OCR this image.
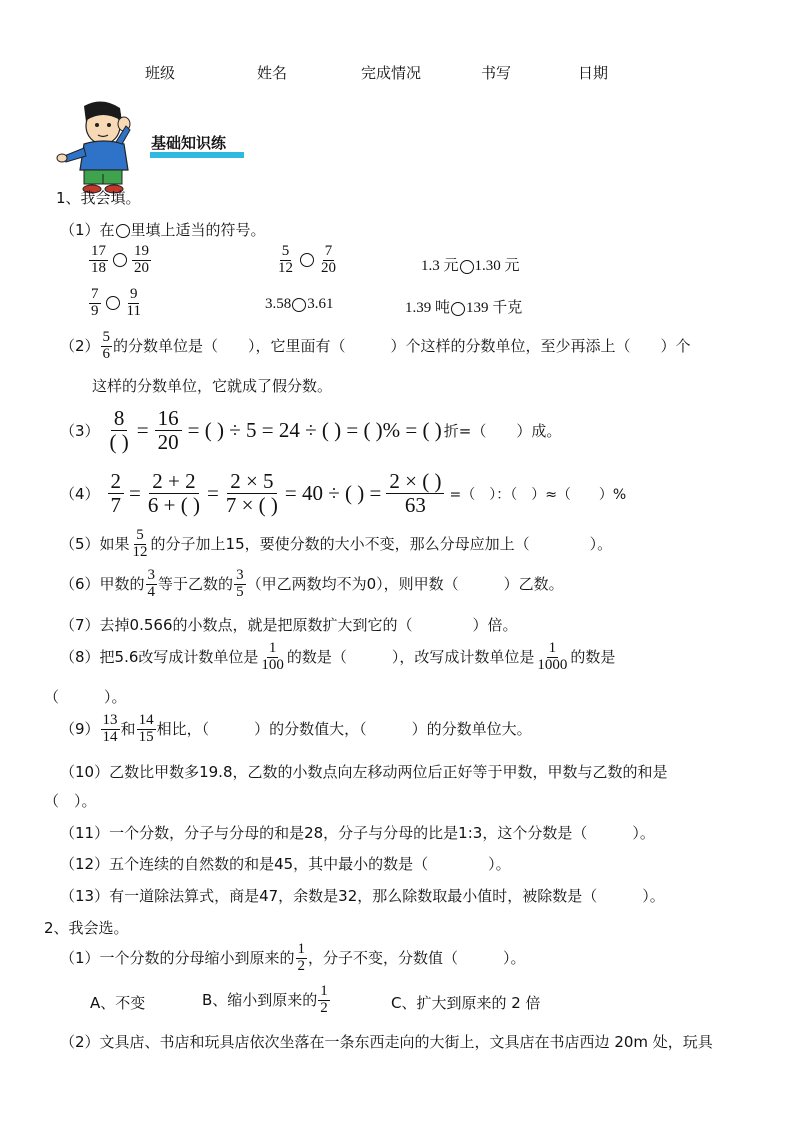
班级	姓名	完成情况	书写	日期
基础知识练
1、我会填。
（1）在 里填上适当的符号。
$\frac{17}{18} \frac{19}{20}$	$\frac{5}{12} \frac{7}{20}$	1.3 元 1.30 元
$\frac{7}{9} \frac{9}{11}$	3.58 3.61	1.39 吨 139 千克
$(2) \frac{5}{6}$ 的分数单位是（　　），它里面有（　　　）个这样的分数单位，至少再添上（　　）个
这样的分数单位，它就成了假分数。
$(3) \frac{8}{( )} = \frac{16}{20}$ = ( ) ÷ 5 = 24 ÷ ( ) = ( )% = ( ) 折=（　　）成。
$(4) \frac{2}{7} = \frac{2 + 2}{6 + ( )} = \frac{2 \times 5}{7 \times ( )} = 40$ ÷ ( ) = $\frac{2 \times ( )}{63}$ =（　）：（　）≈（　　）%
（5）如果 $\frac{5}{12}$ 的分子加上15，要使分数的大小不变，那么分母应加上（　　　　）。
（6）甲数的 $\frac{3}{4}$ 等于乙数的 $\frac{3}{5}$ （甲乙两数均不为0），则甲数（　　　）乙数。
（7）去掉0.566的小数点，就是把原数扩大到它的（　　　　）倍。
（8）把5.6改写成计数单位是 $\frac{1}{100}$ 的数是（　　　），改写成计数单位是 $\frac{1}{1000}$ 的数是
（　　　）。
$(9) \frac{13}{14}$ 和 $\frac{14}{15}$ 相比，（　　　）的分数值大，（　　　）的分数单位大。
（10）乙数比甲数多19.8，乙数的小数点向左移动两位后正好等于甲数，甲数与乙数的和是
（　）。
（11）一个分数，分子与分母的和是28，分子与分母的比是1:3，这个分数是（　　　）。
（12）五个连续的自然数的和是45，其中最小的数是（　　　　）。
（13）有一道除法算式，商是47，余数是32，那么除数取最小值时，被除数是（　　　）。
2、我会选。
（1）一个分数的分母缩小到原来的 $\frac{1}{2}$ ，分子不变，分数值（　　　）。
A、不变	B、缩小到原来的 $\frac{1}{2}$	C、扩大到原来的 2 倍
（2）文具店、书店和玩具店依次坐落在一条东西走向的大街上，文具店在书店西边 20m 处，玩具
